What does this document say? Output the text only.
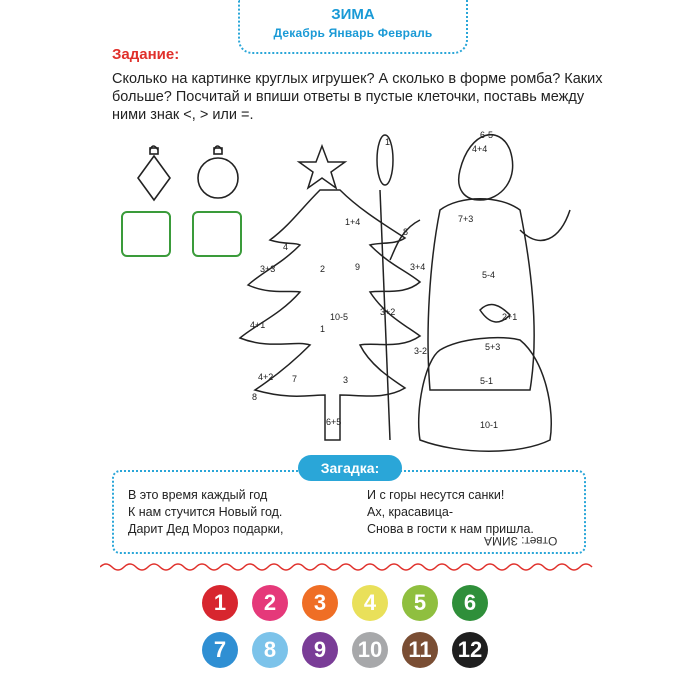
ЗИМА
Декабрь Январь Февраль
Задание:
Сколько на картинке круглых игрушек? А сколько в форме ромба? Каких больше? Посчитай и впиши ответы в пустые клеточки, поставь между ними знак <, > или =.
4
3+3	2	9
1+4
4+1	1
10-5	3+2
4+2 7	3
8
6+5
6-5
4+4
1
8
7+3
3+4
5-4
2+1
3-2	5+3
5-1
10-1
Загадка:
В это время каждый год
К нам стучится Новый год.
Дарит Дед Мороз подарки,
И с горы несутся санки!
Ах, красавица-
Снова в гости к нам пришла.
Ответ: ЗИМА
1	2	3	4	5	6
7	8	9	10 11 12
